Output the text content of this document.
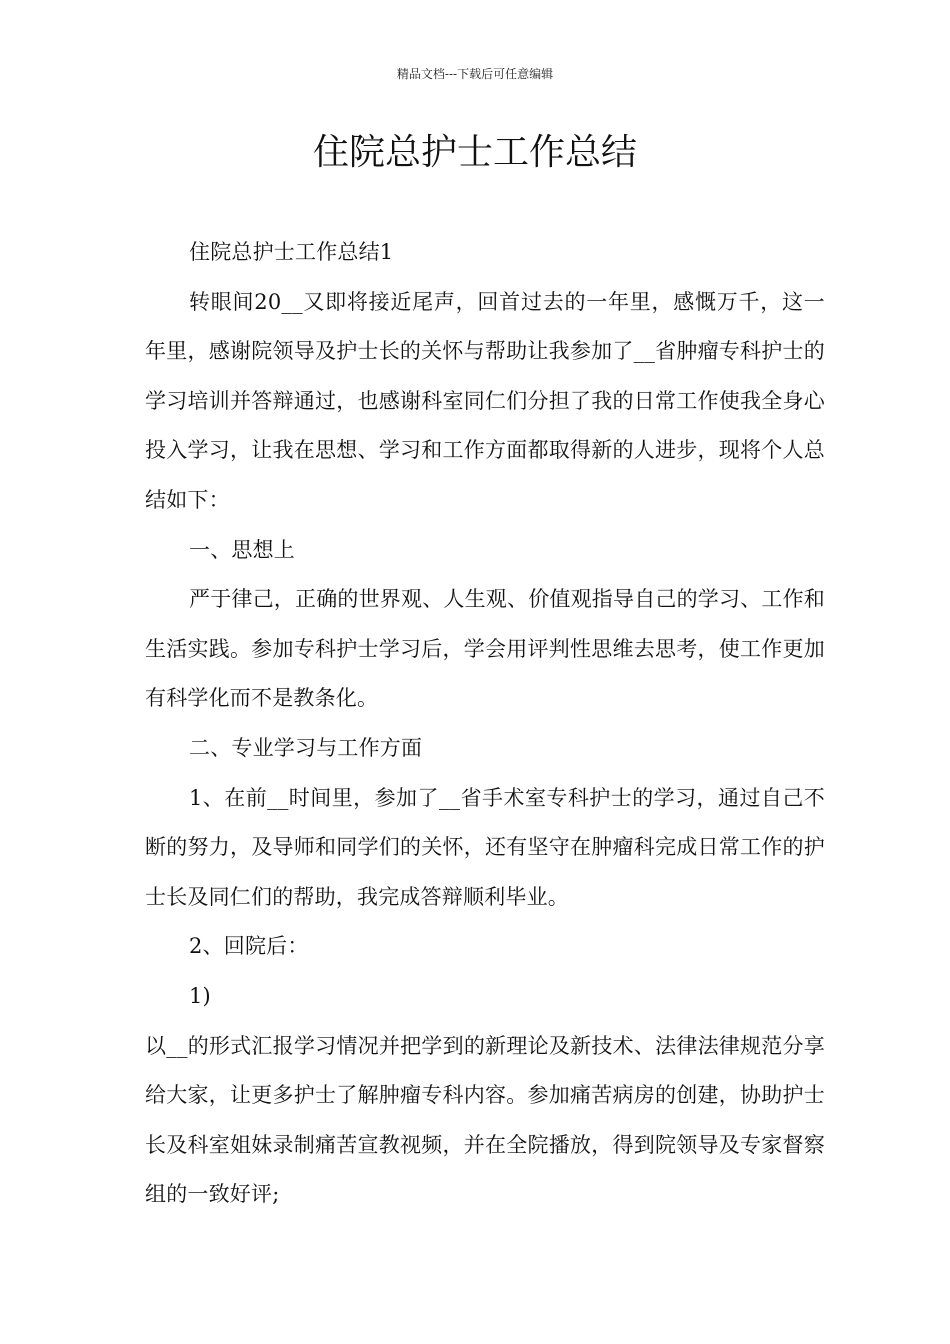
精品文档---下载后可任意编辑
住院总护士工作总结

住院总护士工作总结1

转眼间20__又即将接近尾声，回首过去的一年里，感慨万千，这一年里，感谢院领导及护士长的关怀与帮助让我参加了__省肿瘤专科护士的学习培训并答辩通过，也感谢科室同仁们分担了我的日常工作使我全身心投入学习，让我在思想、学习和工作方面都取得新的人进步，现将个人总结如下：

一、思想上

严于律己，正确的世界观、人生观、价值观指导自己的学习、工作和生活实践。参加专科护士学习后，学会用评判性思维去思考，使工作更加有科学化而不是教条化。

二、专业学习与工作方面

1、在前__时间里，参加了__省手术室专科护士的学习，通过自己不断的努力，及导师和同学们的关怀，还有坚守在肿瘤科完成日常工作的护士长及同仁们的帮助，我完成答辩顺利毕业。

2、回院后：

1)

以__的形式汇报学习情况并把学到的新理论及新技术、法律法律规范分享给大家，让更多护士了解肿瘤专科内容。参加痛苦病房的创建，协助护士长及科室姐妹录制痛苦宣教视频，并在全院播放，得到院领导及专家督察组的一致好评;
